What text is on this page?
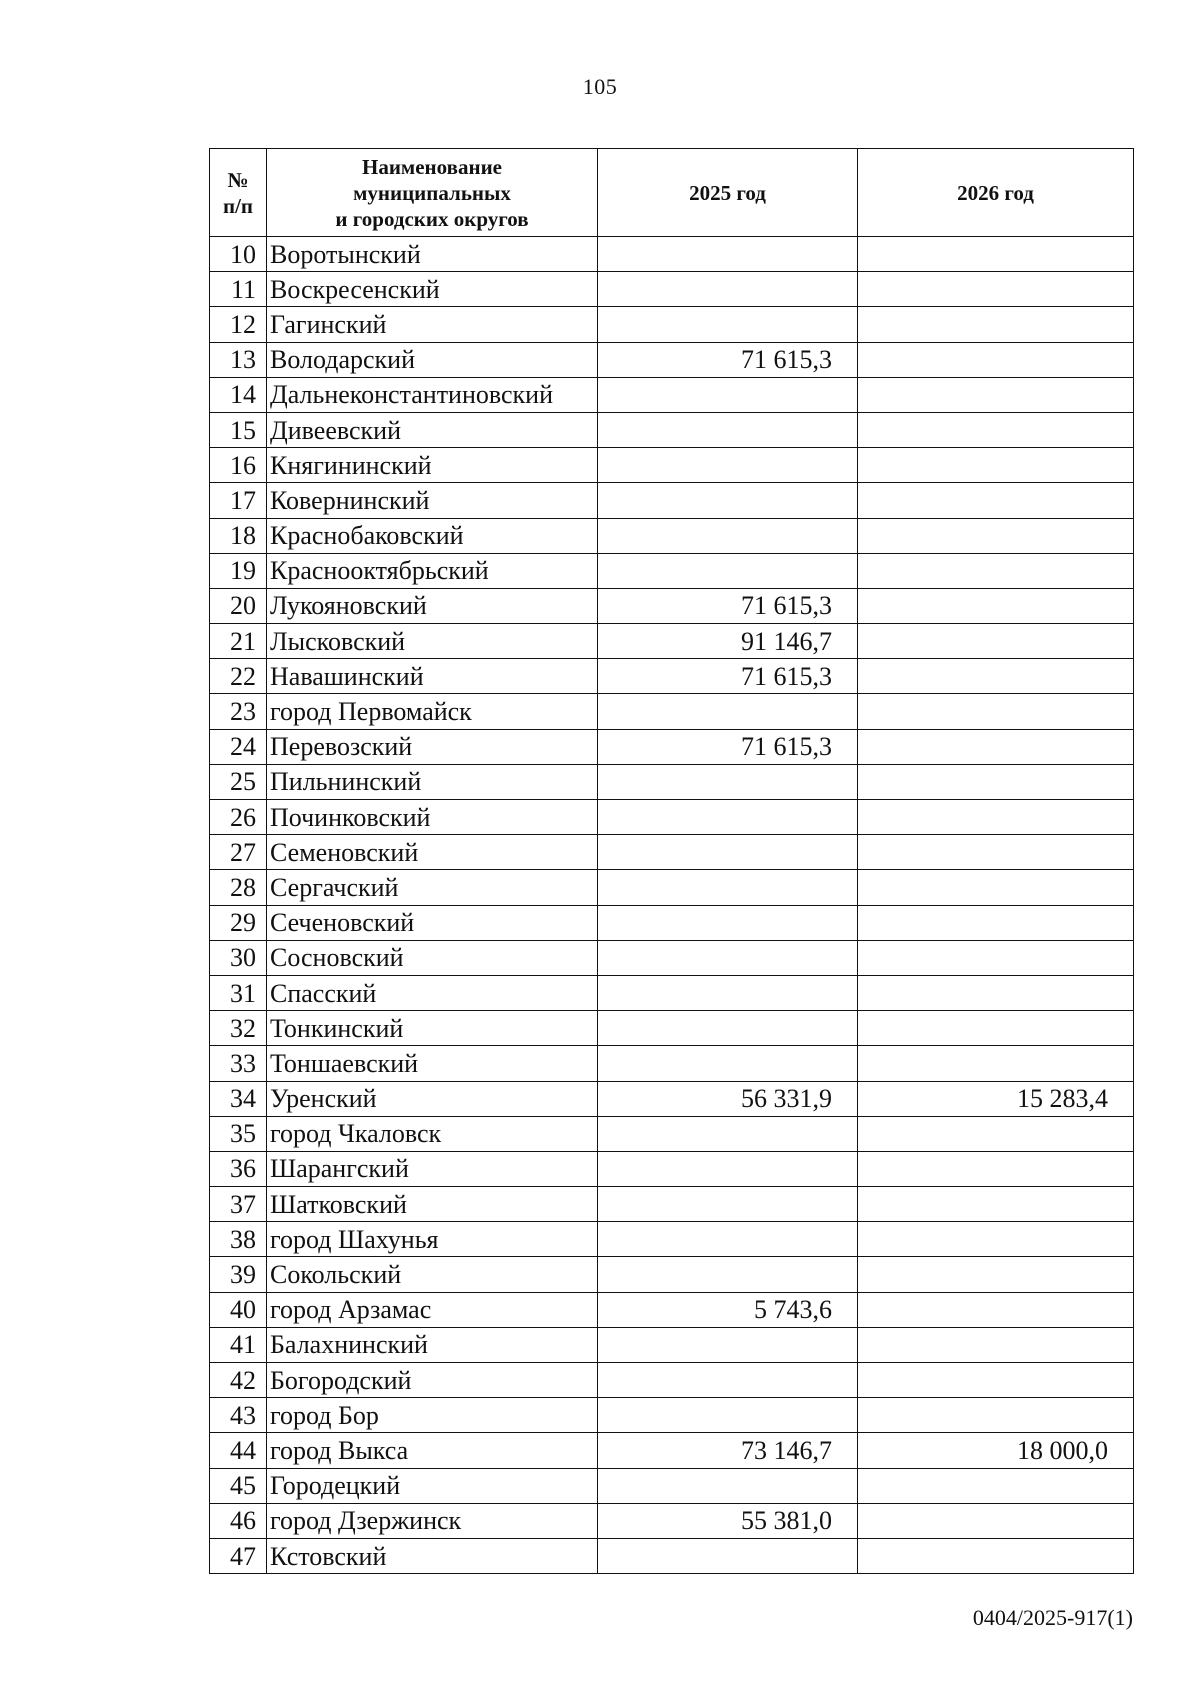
105
№
п/п	Наименование
муниципальных
и городских округов	2025 год	2026 год
10	Воротынский		
11	Воскресенский		
12	Гагинский		
13	Володарский	71 615,3	
14	Дальнеконстантиновский		
15	Дивеевский		
16	Княгининский		
17	Ковернинский		
18	Краснобаковский		
19	Краснооктябрьский		
20	Лукояновский	71 615,3	
21	Лысковский	91 146,7	
22	Навашинский	71 615,3	
23	город Первомайск		
24	Перевозский	71 615,3	
25	Пильнинский		
26	Починковский		
27	Семеновский		
28	Сергачский		
29	Сеченовский		
30	Сосновский		
31	Спасский		
32	Тонкинский		
33	Тоншаевский		
34	Уренский	56 331,9	15 283,4
35	город Чкаловск		
36	Шарангский		
37	Шатковский		
38	город Шахунья		
39	Сокольский		
40	город Арзамас	5 743,6	
41	Балахнинский		
42	Богородский		
43	город Бор		
44	город Выкса	73 146,7	18 000,0
45	Городецкий		
46	город Дзержинск	55 381,0	
47	Кстовский		
0404/2025-917(1)
